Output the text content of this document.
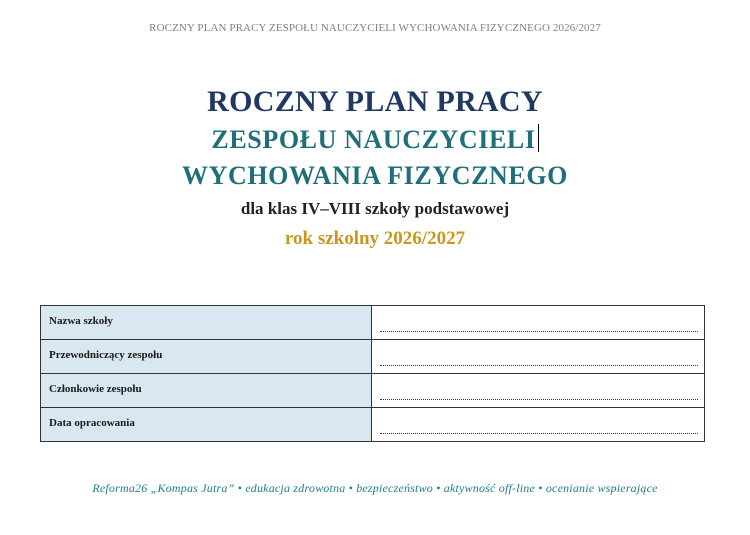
ROCZNY PLAN PRACY ZESPOŁU NAUCZYCIELI WYCHOWANIA FIZYCZNEGO 2026/2027
ROCZNY PLAN PRACY
ZESPOŁU NAUCZYCIELI
WYCHOWANIA FIZYCZNEGO
dla klas IV–VIII szkoły podstawowej
rok szkolny 2026/2027
Nazwa szkoły	

Przewodniczący zespołu	

Członkowie zespołu	

Data opracowania	
Reforma26 „Kompas Jutra” • edukacja zdrowotna • bezpieczeństwo • aktywność off-line • ocenianie wspierające
